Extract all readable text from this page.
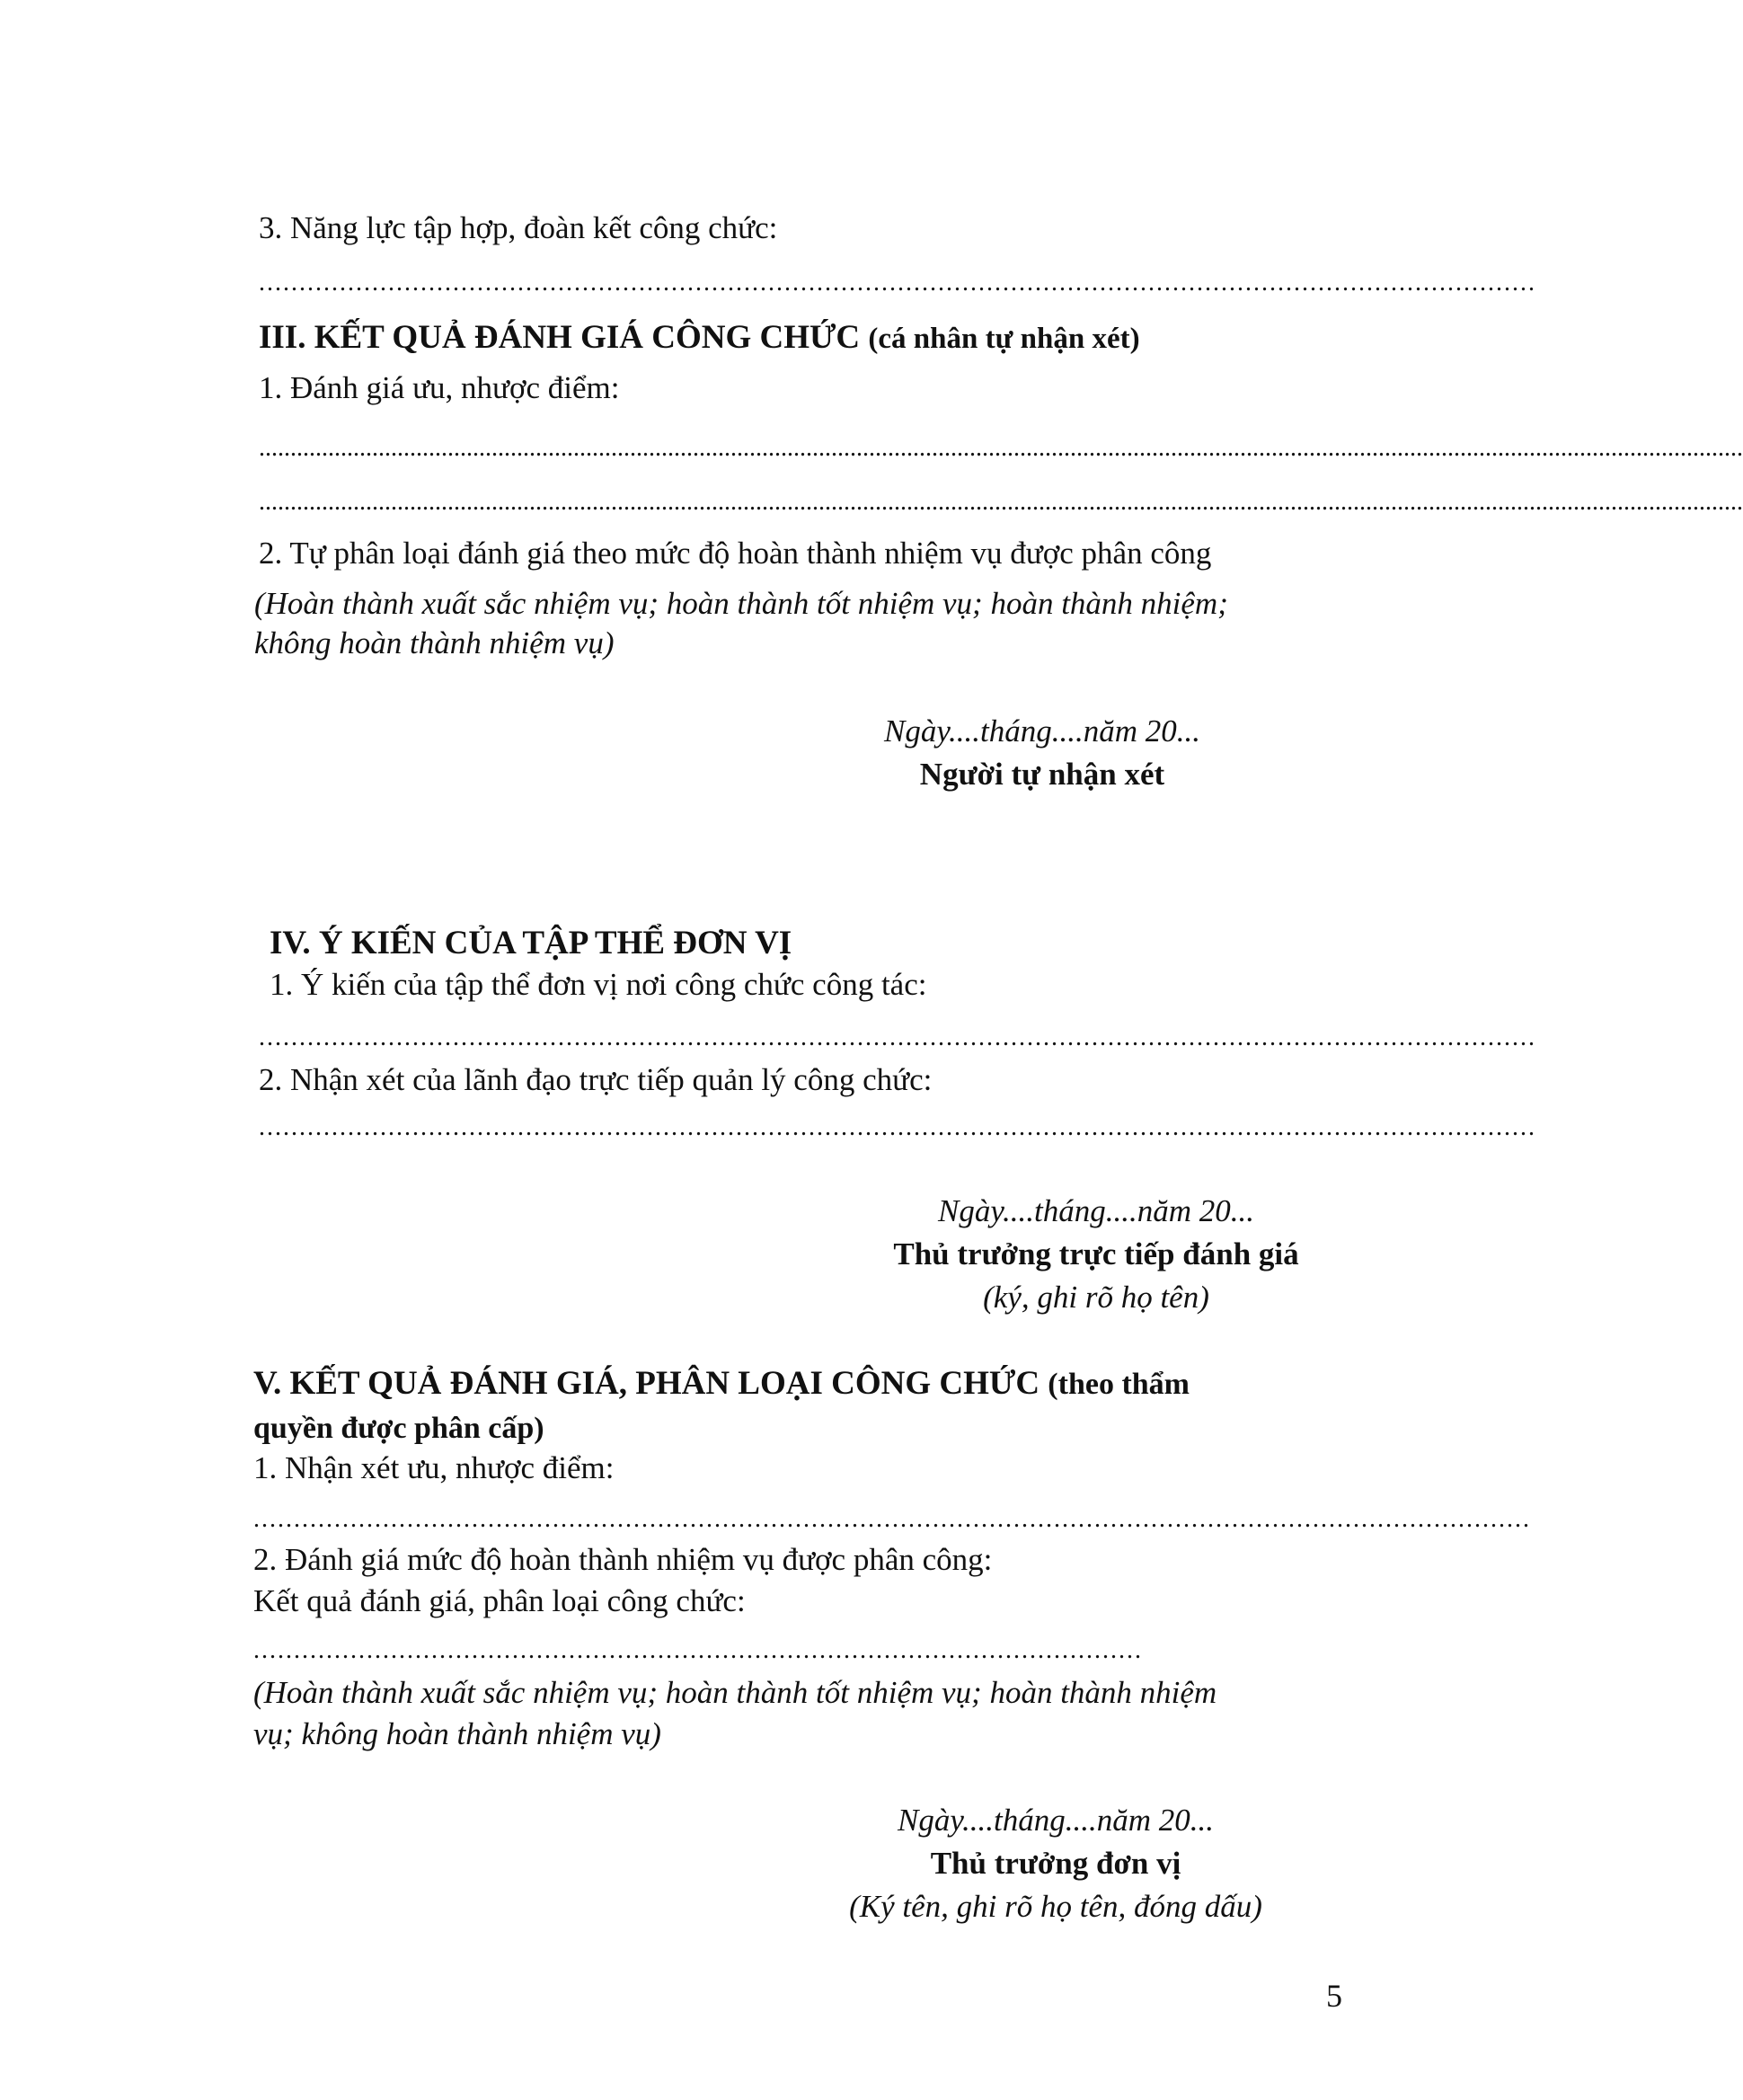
3. Năng lực tập hợp, đoàn kết công chức:
..............................................................................................................................................................
III. KẾT QUẢ ĐÁNH GIÁ CÔNG CHỨC (cá nhân tự nhận xét)
1. Đánh giá ưu, nhược điểm:
............................................................................................................................................................................................................................................
............................................................................................................................................................................................................................................
2. Tự phân loại đánh giá theo mức độ hoàn thành nhiệm vụ được phân công
(Hoàn thành xuất sắc nhiệm vụ; hoàn thành tốt nhiệm vụ; hoàn thành nhiệm;
không hoàn thành nhiệm vụ)
Ngày....tháng....năm 20...
Người tự nhận xét
IV. Ý KIẾN CỦA TẬP THỂ ĐƠN VỊ
1. Ý kiến của tập thể đơn vị nơi công chức công tác:
..............................................................................................................................................................
2. Nhận xét của lãnh đạo trực tiếp quản lý công chức:
..............................................................................................................................................................
Ngày....tháng....năm 20...
Thủ trưởng trực tiếp đánh giá
(ký, ghi rõ họ tên)
V. KẾT QUẢ ĐÁNH GIÁ, PHÂN LOẠI CÔNG CHỨC (theo thẩm
quyền được phân cấp)
1. Nhận xét ưu, nhược điểm:
..............................................................................................................................................................
2. Đánh giá mức độ hoàn thành nhiệm vụ được phân công:
Kết quả đánh giá, phân loại công chức:
..............................................................................................................
(Hoàn thành xuất sắc nhiệm vụ; hoàn thành tốt nhiệm vụ; hoàn thành nhiệm
vụ; không hoàn thành nhiệm vụ)
Ngày....tháng....năm 20...
Thủ trưởng đơn vị
(Ký tên, ghi rõ họ tên, đóng dấu)
5
